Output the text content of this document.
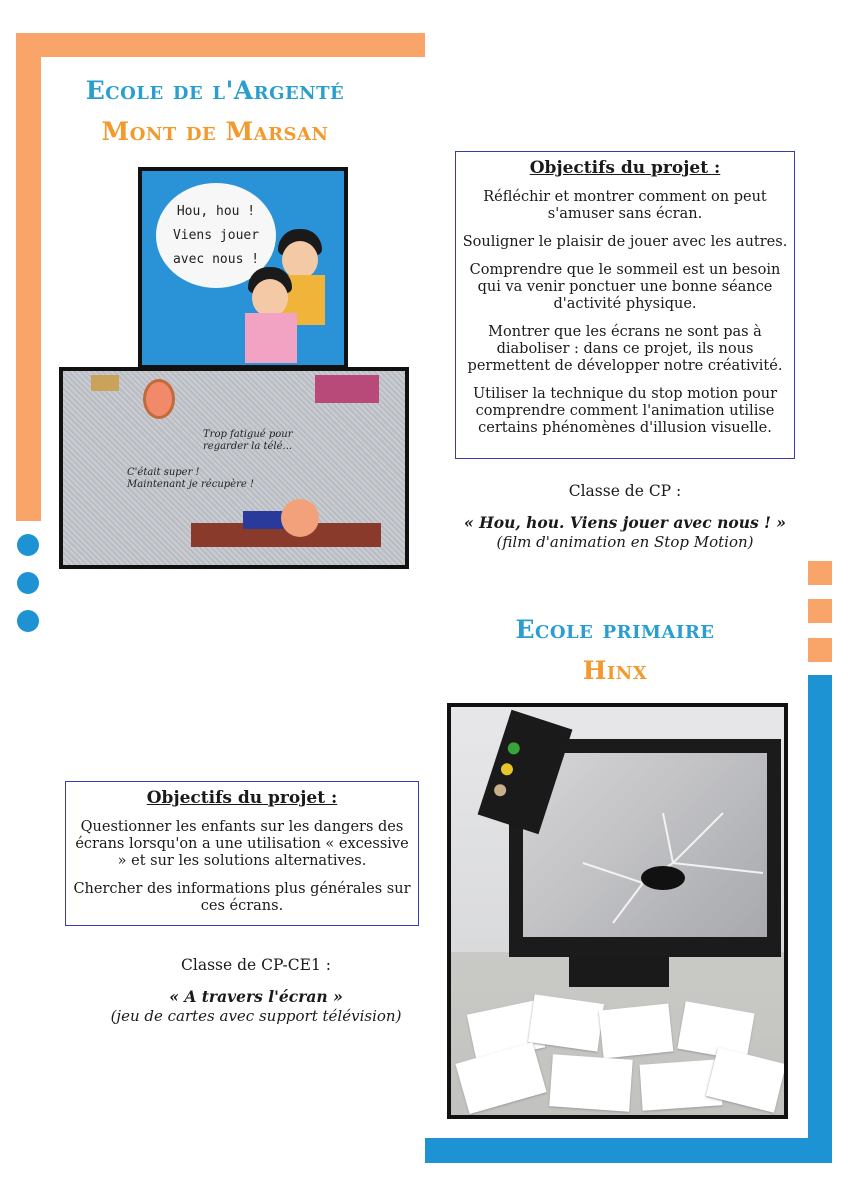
Ecole de l'Argenté
Mont de Marsan
Hou, hou !
Viens jouer
avec nous !
Trop fatigué pour
regarder la télé...
C'était super !
Maintenant je récupère !
Objectifs du projet :

Réfléchir et montrer comment on peut s'amuser sans écran.

Souligner le plaisir de jouer avec les autres.

Comprendre que le sommeil est un besoin qui va venir ponctuer une bonne séance d'activité physique.

Montrer que les écrans ne sont pas à diaboliser : dans ce projet, ils nous permettent de développer notre créativité.

Utiliser la technique du stop motion pour comprendre comment l'animation utilise certains phénomènes d'illusion visuelle.

Classe de CP :
« Hou, hou. Viens jouer avec nous ! »
(film d'animation en Stop Motion)
Ecole primaire
Hinx
Objectifs du projet :

Questionner les enfants sur les dangers des écrans lorsqu'on a une utilisation « excessive » et sur les solutions alternatives.

Chercher des informations plus générales sur ces écrans.

Classe de CP-CE1 :
« A travers l'écran »
(jeu de cartes avec support télévision)
